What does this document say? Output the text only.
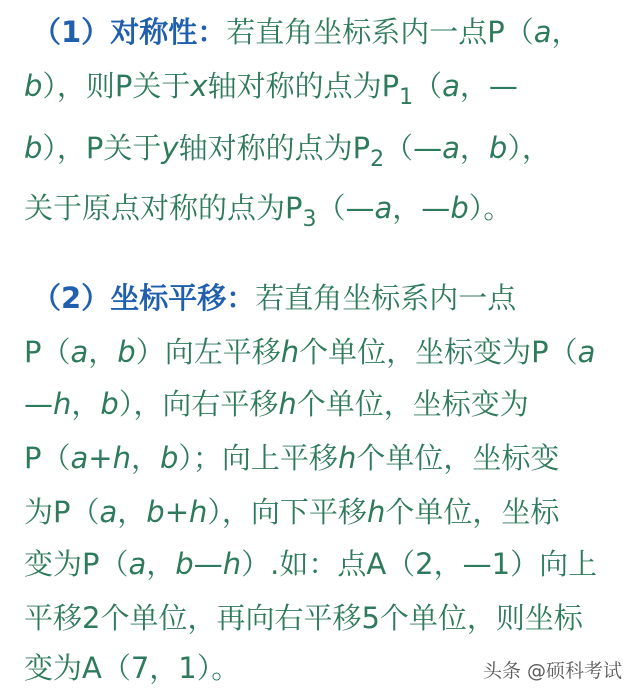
（1）对称性：若直角坐标系内一点P（a，
b），则P关于x轴对称的点为$P_1(a$，—
b），P关于y轴对称的点为$P_2(—a$，b），
关于原点对称的点为$P_3(—a$，—b）。
（2）坐标平移：若直角坐标系内一点
P（a，b）向左平移h个单位，坐标变为P（a
—h，b），向右平移h个单位，坐标变为
P（a+h，b）；向上平移h个单位，坐标变
为P（a，b+h），向下平移h个单位，坐标
变为P（a，b—h）.如：点A（2，—1）向上
平移2个单位，再向右平移5个单位，则坐标
变为A（7，1）。	头条 @硕科考试
